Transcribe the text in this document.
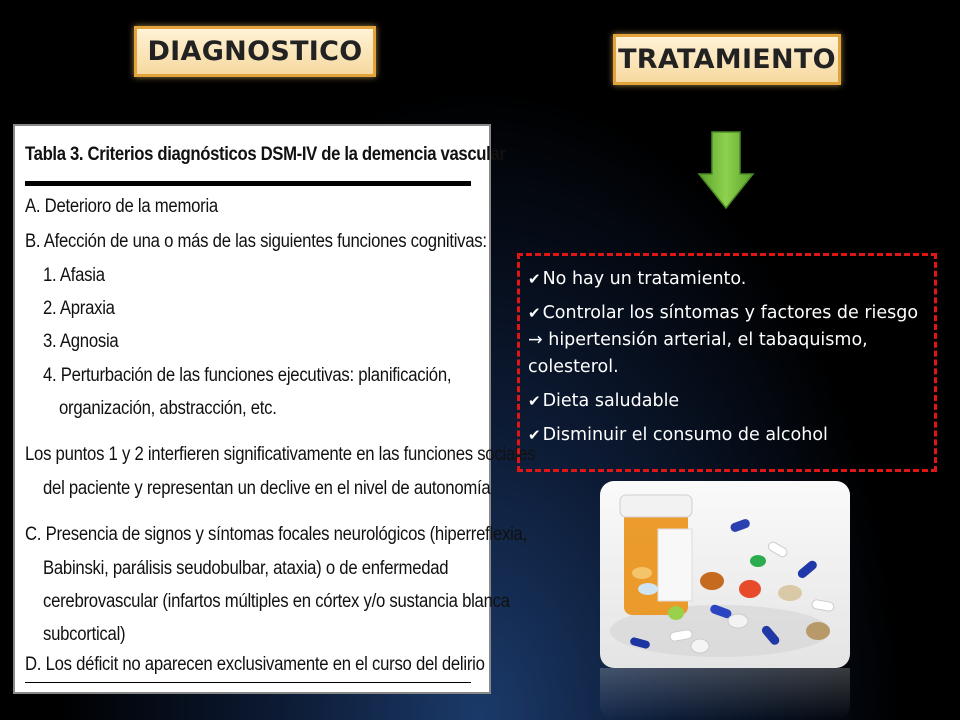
DIAGNOSTICO	TRATAMIENTO
Tabla 3. Criterios diagnósticos DSM-IV de la demencia vascular
A. Deterioro de la memoria
B. Afección de una o más de las siguientes funciones cognitivas:
1. Afasia
2. Apraxia
3. Agnosia
4. Perturbación de las funciones ejecutivas: planificación,
organización, abstracción, etc.
Los puntos 1 y 2 interfieren significativamente en las funciones sociales
del paciente y representan un declive en el nivel de autonomía
C. Presencia de signos y síntomas focales neurológicos (hiperreflexia,
Babinski, parálisis seudobulbar, ataxia) o de enfermedad
cerebrovascular (infartos múltiples en córtex y/o sustancia blanca
subcortical)
D. Los déficit no aparecen exclusivamente en el curso del delirio
✔ No hay un tratamiento.
✔ Controlar los síntomas y factores de riesgo → hipertensión arterial, el tabaquismo, colesterol.
✔ Dieta saludable
✔ Disminuir el consumo de alcohol
